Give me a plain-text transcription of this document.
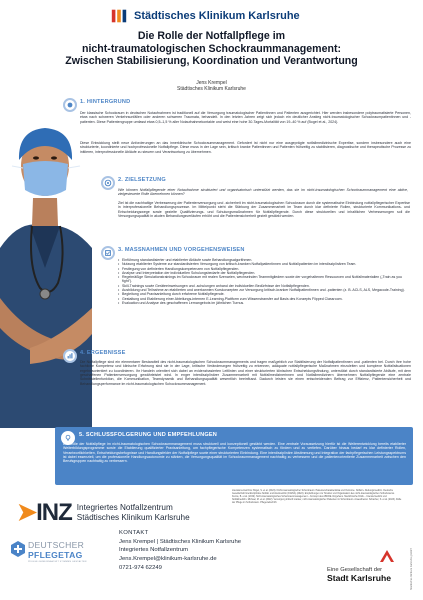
Städtisches Klinikum Karlsruhe
Die Rolle der Notfallpflege im
nicht-traumatologischen Schockraummanagement:
Zwischen Stabilisierung, Koordination und Verantwortung
Jens Krempel
Städtisches Klinikum Karlsruhe
1. HINTERGRUND
Der klassische Schockraum in deutschen Notaufnahmen ist traditionell auf die Versorgung traumatologischer Patientinnen und Patienten ausgerichtet. Hier werden insbesondere polytraumatisierte Personen, etwa nach schweren Verkehrsunfällen oder anderen schweren Traumata, behandelt. In den letzten Jahren zeigt sich jedoch ein deutlicher Anstieg nicht-traumatologischer Schockraumpatientinnen und -patienten. Diese Patientengruppe umfasst etwa 0,5–1,5 % aller Notaufnahmekontakte und weist eine hohe 30-Tages-Mortalität von 19–40 % auf (Bogel et al., 2024).
Diese Entwicklung stellt neue Anforderungen an das innerklinische Schockraummanagement. Gefordert ist nicht nur eine ausgeprägte notfallmedizinische Expertise, sondern insbesondere auch eine strukturierte, koordinierte und hochprofessionelle Notfallpflege. Diese muss in der Lage sein, kritisch kranke Patientinnen und Patienten frühzeitig zu stabilisieren, diagnostische und therapeutische Prozesse zu initiieren, interprofessionelle Abläufe zu steuern und Verantwortung zu übernehmen.
2. ZIELSETZUNG
Wie können Notfallpflegende einer Notaufnahme strukturiert und organisatorisch unterstützt werden, das sie im nicht-traumatologischen Schockraummanagement eine aktive, zielgesteuerte Rolle übernehmen können?
Ziel ist die nachhaltige Verbesserung der Patientenversorgung und -sicherheit im nicht-traumatologischen Schockraum durch die systematische Einbindung notfallpflegerischer Expertise in interprofessionelle Behandlungsprozesse. Im Mittelpunkt steht die Stärkung der Zusammenarbeit im Team durch klar definierte Rollen, strukturierte Kommunikations- und Entscheidungswege sowie gezielte Qualifizierungs- und Schulungsmaßnahmen für Notfallpflegende. Durch diese strukturellen und inhaltlichen Verbesserungen soll die Versorgungsqualität in akuten Behandlungsverläufen erhöht und die Patientensicherheit gezielt gestärkt werden.
3. MASSNAHMEN UND VORGEHENSWEISEN
• Einführung standardisierter und etablierter Abläufe sowie Behandlungsalgorithmen.
• Nutzung etablierter Systeme zur standardisierten Versorgung von kritisch-kranken Notfallpatientinnen und Notfallpatienten im interdisziplinären Team.
• Festlegung von definierten Handlungskompetenzen von Notfallpflegenden.
• Analyse und Interpretation der individuellen Schulungsbedarfe der Notfallpflegenden.
• Regelmäßige Simulationstrainings im Schockraum mit realen Szenarien, wechselnden Teammitgliedern sowie der vorgehaltenen Ressourcen und Notfallmaterialien („Train as you fight").
• Skill-Trainings sowie Geräteeinweisungen und -schulungen anhand der individuellen Bedürfnisse der Notfallpflegenden.
• Ausbildung und Teilnahme an etablierten und anerkannten Kurskonzepten zur Versorgung kritisch-kranker Notfallpatientinnen und -patienten (z. B. ACLS, ALS, Megacode-Training).
• Begleitung und Praxisanleitung durch erfahrene Notfallpflegende.
• Gestaltung und Etablierung einer Abteilungs-internen E-Learning-Plattform zum Wissenstransfer auf Basis des Konzepts Flipped Classroom.
• Evaluation und Analyse des geschaffenen Lernangebots im jährlichen Turnus.
4. ERGEBNISSE
Die Notfallpflege sind ein elementarer Bestandteil des nicht-traumatologischen Schockraummanagements und tragen maßgeblich zur Stabilisierung der Notfallpatientinnen und -patienten bei. Durch ihre hohe fachliche Kompetenz und klinische Erfahrung sind sie in der Lage, kritische Veränderungen frühzeitig zu erkennen, adäquate notfallpflegerische Maßnahmen einzuleiten und komplexe Notfallsituationen ergebnisorientiert zu koordinieren. Ihr Handeln orientiert sich dabei an evidenzbasierten Leitlinien und einer strukturierten klinischen Entscheidungsfindung, unterstützt durch standardisierte Abläufe, mit dem geschaffenen Patientenversorgung gewährleistet wird. In enger interdisziplinärer Zusammenarbeit mit Notfallmedizinerinnen und Notfallmedizinern übernehmen Notfallpflegende eine zentrale Schnittstellenfunktion, die Kommunikation, Teamdynamik und Behandlungsqualität wesentlich beeinflusst. Dadurch leisten sie einen entscheidenden Beitrag zur Effizienz, Patientensicherheit und Behandlungsperformance im nicht-traumatologischen Schockraummanagement.
5. SCHLUSSFOLGERUNG UND EMPFEHLUNGEN
Die Rolle der Notfallpflege im nicht-traumatologischen Schockraummanagement muss strukturell und konzeptionell gestärkt werden. Eine zentrale Voraussetzung hierfür ist die Weiterentwicklung bereits etablierter Weiterbildungsprogramme sowie die Etablierung qualifizierter Praxisanleitung, um fachpflegerische Kompetenzen systematisch zu fördern und zu vertiefen. Darüber hinaus bedarf es klar definierter Rollen, Verantwortlichkeiten, Entscheidungsbefugnisse und Handlungsfelder der Notfallpflege sowie einer strukturierten Einbindung. Eine interdisziplinäre Abstimmung und Integration der fachpflegerischen Leistungsspektrums ist dabei essenziell, um die professionelle Handlungsautonomie zu stärken, die Versorgungsqualität im Schockraummanagement nachhaltig zu verbessern und die patientenorientierte Zusammenarbeit zwischen den Berufsgruppen nachhaltig zu verbessern.
Literaturverzeichnis: Bogel, S. et al. (2024). Nicht-traumatologischer Schockraum: Patientencharakteristika und Outcome. Notfall + Rettungsmedizin. Deutsche Gesellschaft Interdisziplinäre Notfall- und Akutmedizin (DGINA) (2022). Empfehlungen zur Struktur und Organisation des nicht-traumatologischen Schockraums. Kumle, B. et al. (2019). Nicht-traumatologisches Schockraummanagement – Konzept des ABCDE-Vorgehens. Medizinische Klinik – Intensivmedizin und Notfallmedizin. Michael, M. et al. (2022). Versorgung kritisch kranker, nicht-traumatologischer Patienten im Schockraum. Anaesthesist. Schacher, S. et al. (2023). Rolle der Pflege im Schockraum. Pflegezeitschrift.
➤INZ Integriertes Notfallzentrum
Städtisches Klinikum Karlsruhe
DEUTSCHER
PFLEGETAG
PFLEGE GEMEINSAM MIT STIMMEN GESTALTEN
KONTAKT
Jens Krempel | Städtisches Klinikum Karlsruhe
Integriertes Notfallzentrum
Jens.Krempel@klinikum-karlsruhe.de
0721-974 62249	Eine Gesellschaft der
Stadt Karlsruhe	Städtisches Klinikum Karlsruhe gGmbH
